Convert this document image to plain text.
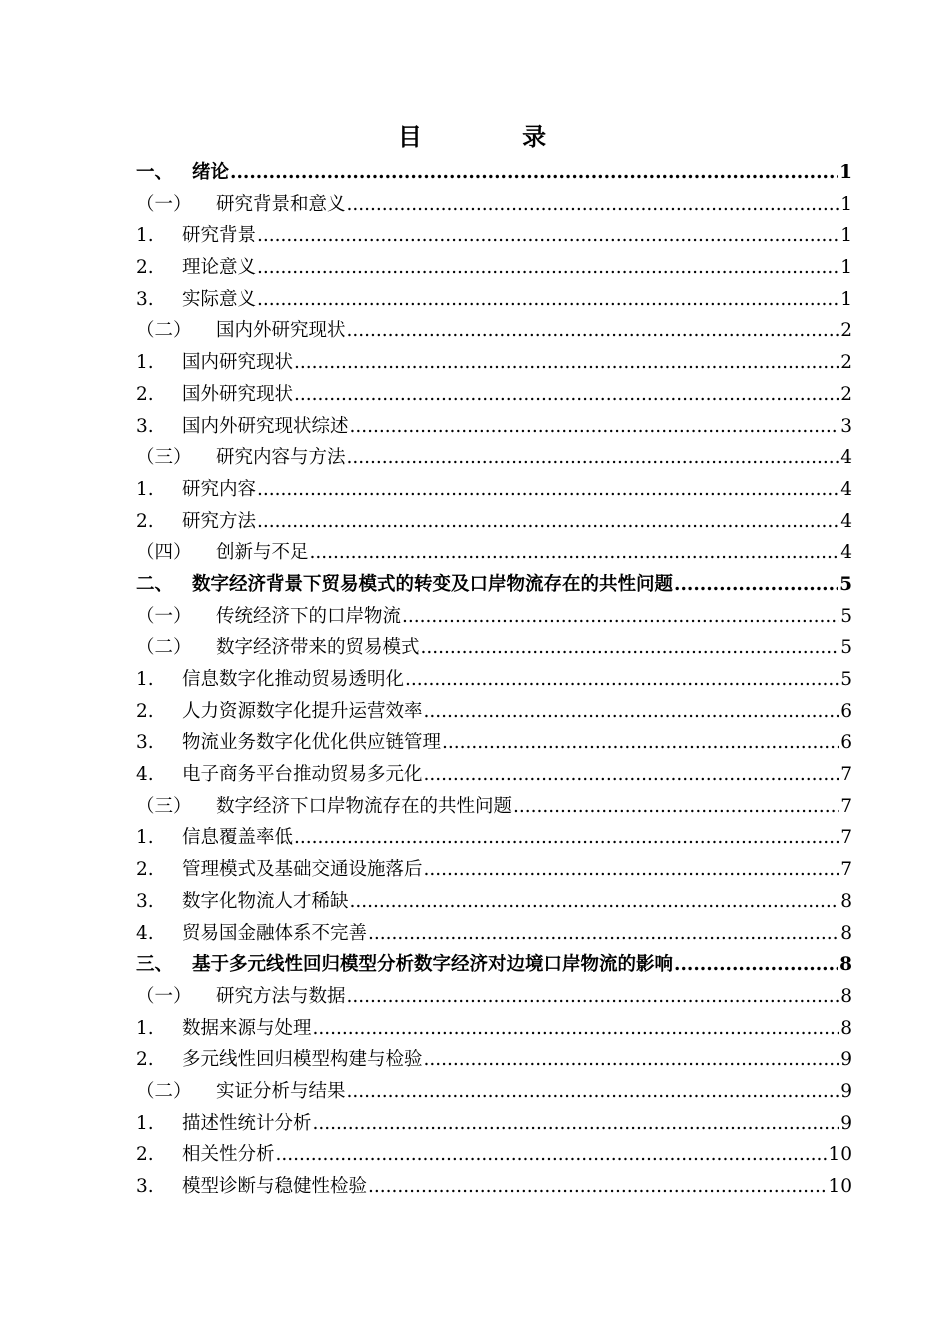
目 录
一、	绪论 .....	1
（一）	研究背景和意义 .....	1
1.	研究背景 .....	1
2.	理论意义 .....	1
3.	实际意义 .....	1
（二）	国内外研究现状 .....	2
1.	国内研究现状 .....	2
2.	国外研究现状 .....	2
3.	国内外研究现状综述 .....	3
（三）	研究内容与方法 .....	4
1.	研究内容 .....	4
2.	研究方法 .....	4
（四）	创新与不足 .....	4
二、	数字经济背景下贸易模式的转变及口岸物流存在的共性问题 .....	5
（一）	传统经济下的口岸物流 .....	5
（二）	数字经济带来的贸易模式 .....	5
1.	信息数字化推动贸易透明化 .....	5
2.	人力资源数字化提升运营效率 .....	6
3.	物流业务数字化优化供应链管理 .....	6
4.	电子商务平台推动贸易多元化 .....	7
（三）	数字经济下口岸物流存在的共性问题 .....	7
1.	信息覆盖率低 .....	7
2.	管理模式及基础交通设施落后 .....	7
3.	数字化物流人才稀缺 .....	8
4.	贸易国金融体系不完善 .....	8
三、	基于多元线性回归模型分析数字经济对边境口岸物流的影响 .....	8
（一）	研究方法与数据 .....	8
1.	数据来源与处理 .....	8
2.	多元线性回归模型构建与检验 .....	9
（二）	实证分析与结果 .....	9
1.	描述性统计分析 .....	9
2.	相关性分析 .....	10
3.	模型诊断与稳健性检验 .....	10
